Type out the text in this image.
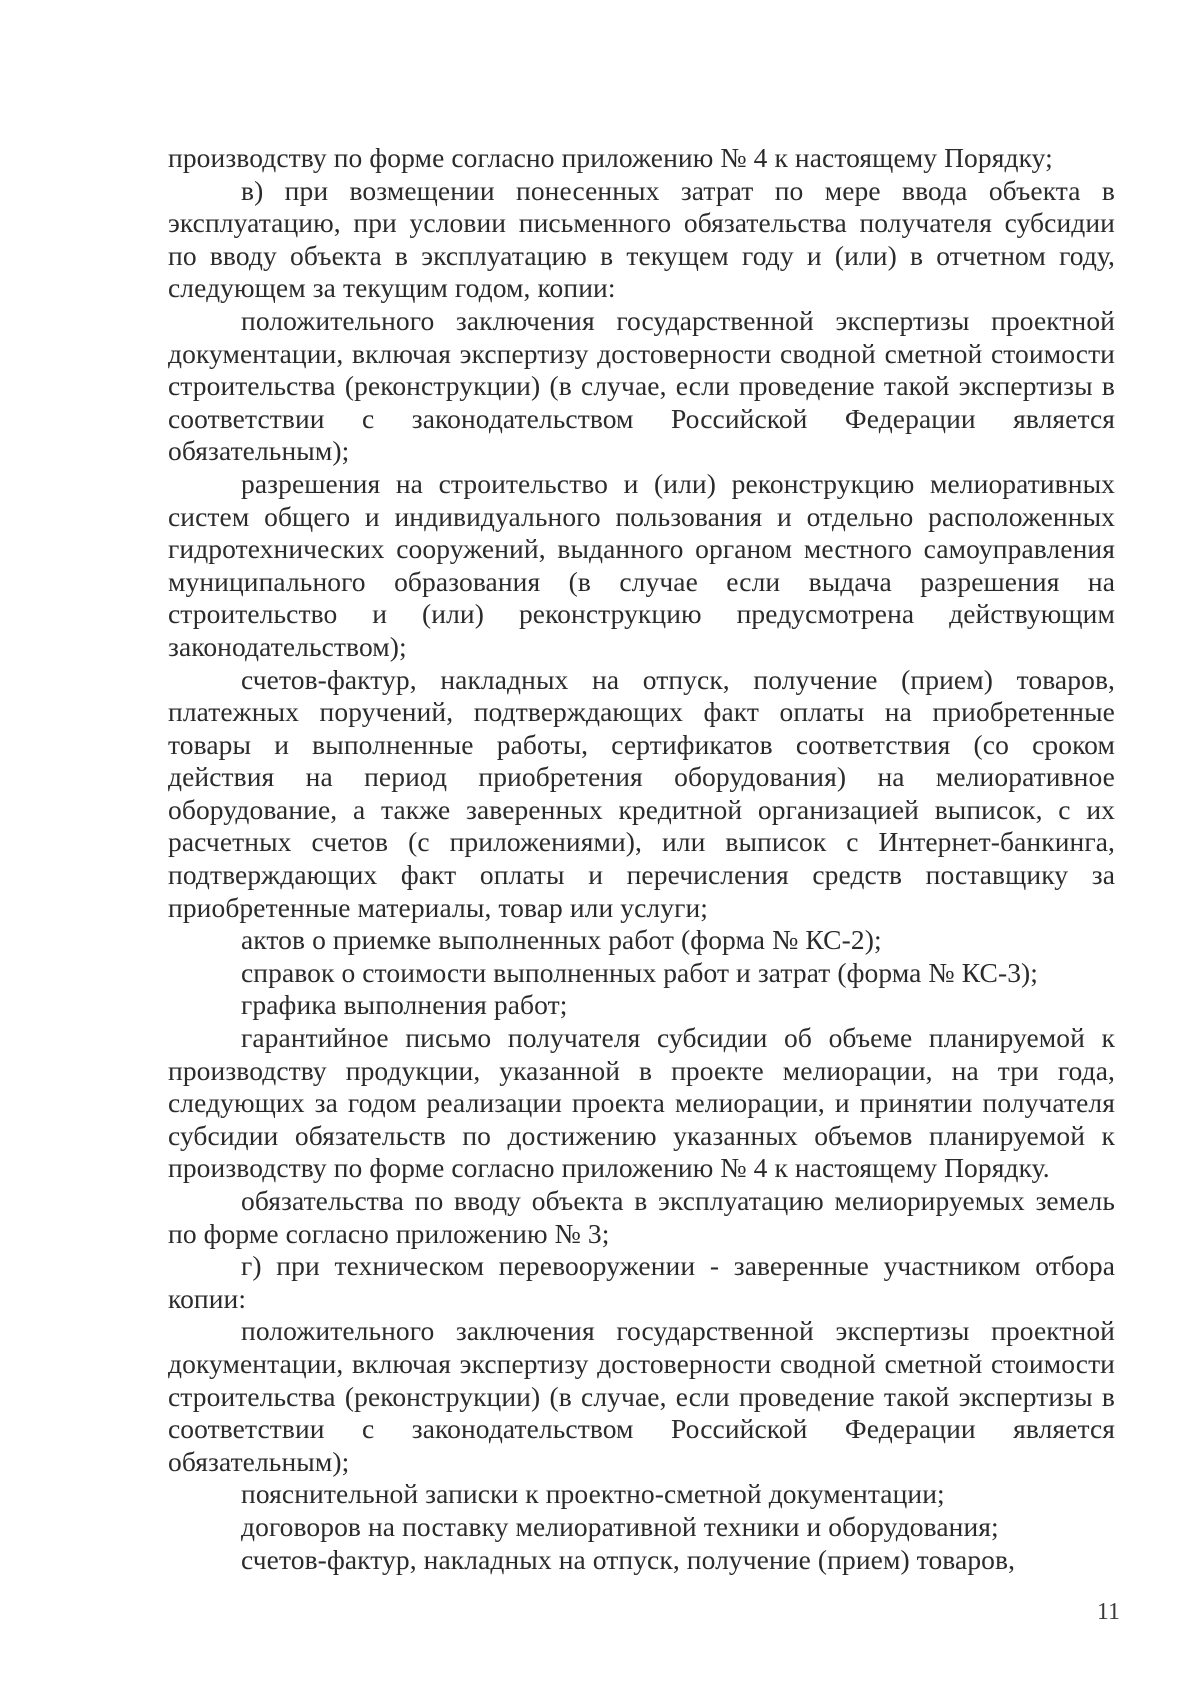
производству по форме согласно приложению № 4 к настоящему Порядку;

в) при возмещении понесенных затрат по мере ввода объекта в эксплуатацию, при условии письменного обязательства получателя субсидии по вводу объекта в эксплуатацию в текущем году и (или) в отчетном году, следующем за текущим годом, копии:

положительного заключения государственной экспертизы проектной документации, включая экспертизу достоверности сводной сметной стоимости строительства (реконструкции) (в случае, если проведение такой экспертизы в соответствии с законодательством Российской Федерации является обязательным);

разрешения на строительство и (или) реконструкцию мелиоративных систем общего и индивидуального пользования и отдельно расположенных гидротехнических сооружений, выданного органом местного самоуправления муниципального образования (в случае если выдача разрешения на строительство и (или) реконструкцию предусмотрена действующим законодательством);

счетов-фактур, накладных на отпуск, получение (прием) товаров, платежных поручений, подтверждающих факт оплаты на приобретенные товары и выполненные работы, сертификатов соответствия (со сроком действия на период приобретения оборудования) на мелиоративное оборудование, а также заверенных кредитной организацией выписок, с их расчетных счетов (с приложениями), или выписок с Интернет-банкинга, подтверждающих факт оплаты и перечисления средств поставщику за приобретенные материалы, товар или услуги;

актов о приемке выполненных работ (форма № КС-2);

справок о стоимости выполненных работ и затрат (форма № КС-3);

графика выполнения работ;

гарантийное письмо получателя субсидии об объеме планируемой к производству продукции, указанной в проекте мелиорации, на три года, следующих за годом реализации проекта мелиорации, и принятии получателя субсидии обязательств по достижению указанных объемов планируемой к производству по форме согласно приложению № 4 к настоящему Порядку.

обязательства по вводу объекта в эксплуатацию мелиорируемых земель по форме согласно приложению № 3;

г) при техническом перевооружении - заверенные участником отбора копии:

положительного заключения государственной экспертизы проектной документации, включая экспертизу достоверности сводной сметной стоимости строительства (реконструкции) (в случае, если проведение такой экспертизы в соответствии с законодательством Российской Федерации является обязательным);

пояснительной записки к проектно-сметной документации;

договоров на поставку мелиоративной техники и оборудования;

счетов-фактур, накладных на отпуск, получение (прием) товаров,

11
